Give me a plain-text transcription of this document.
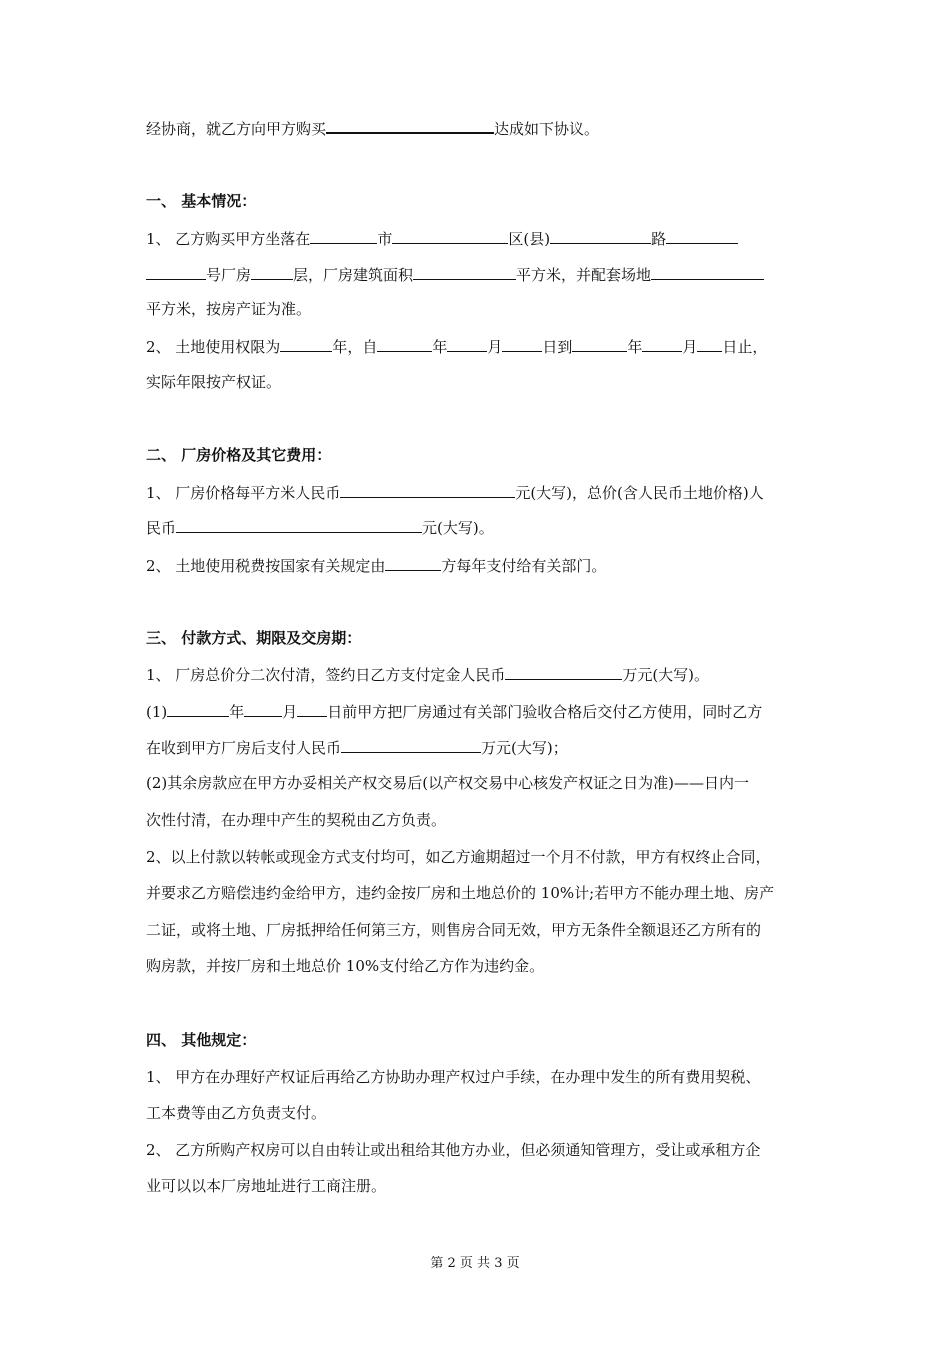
经协商，就乙方向甲方购买	达成如下协议。
一、 基本情况：
1、 乙方购买甲方坐落在	市	区(县)	路
号厂房	层，厂房建筑面积	平方米，并配套场地
平方米，按房产证为准。
2、 土地使用权限为	年，自	年	月	日到	年	月 日止，
实际年限按产权证。
二、 厂房价格及其它费用：
1、 厂房价格每平方米人民币	元(大写)，总价(含人民币土地价格)人
民币	元(大写)。
2、 土地使用税费按国家有关规定由	方每年支付给有关部门。
三、 付款方式、期限及交房期：
1、 厂房总价分二次付清，签约日乙方支付定金人民币	万元(大写)。
(1)	年	月 日前甲方把厂房通过有关部门验收合格后交付乙方使用，同时乙方
在收到甲方厂房后支付人民币	万元(大写)；
(2)其余房款应在甲方办妥相关产权交易后(以产权交易中心核发产权证之日为准)——日内一
次性付清，在办理中产生的契税由乙方负责。
2、以上付款以转帐或现金方式支付均可，如乙方逾期超过一个月不付款，甲方有权终止合同，
并要求乙方赔偿违约金给甲方，违约金按厂房和土地总价的 10%计;若甲方不能办理土地、房产
二证，或将土地、厂房抵押给任何第三方，则售房合同无效，甲方无条件全额退还乙方所有的
购房款，并按厂房和土地总价 10%支付给乙方作为违约金。
四、 其他规定：
1、 甲方在办理好产权证后再给乙方协助办理产权过户手续，在办理中发生的所有费用契税、
工本费等由乙方负责支付。
2、 乙方所购产权房可以自由转让或出租给其他方办业，但必须通知管理方，受让或承租方企
业可以以本厂房地址进行工商注册。
第 2 页 共 3 页
